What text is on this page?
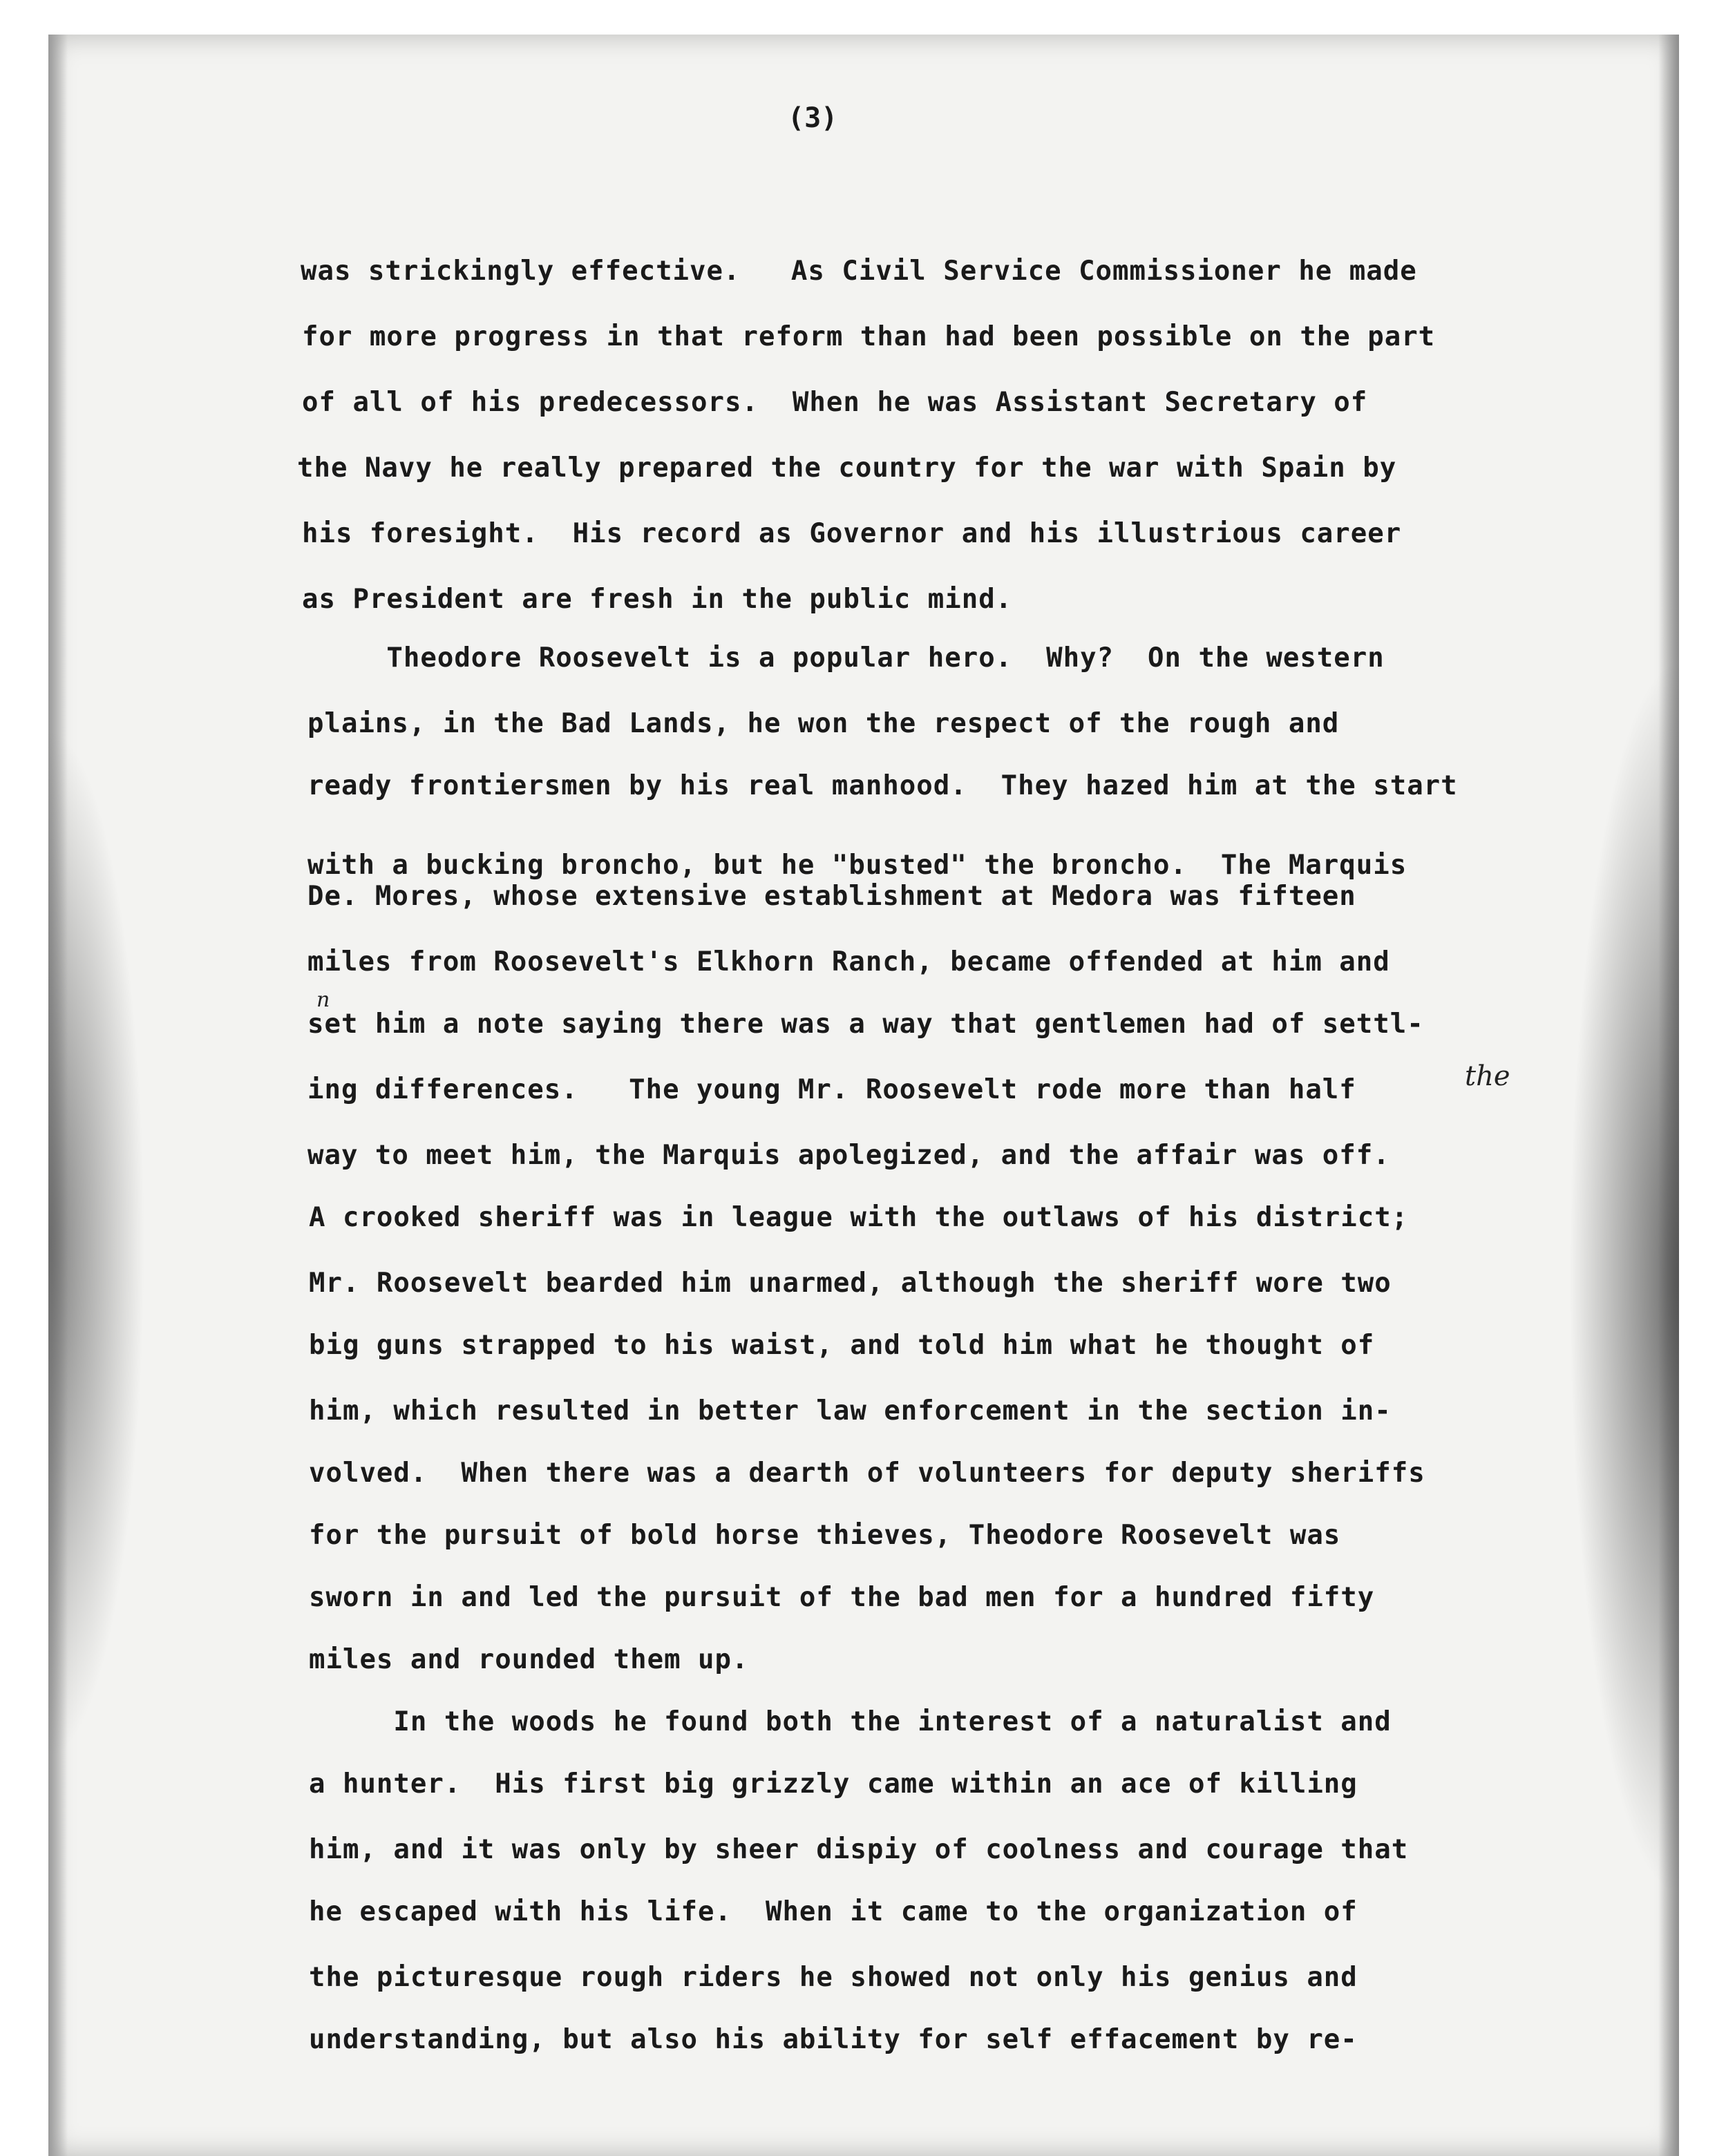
(3)
was strickingly effective.   As Civil Service Commissioner he made
for more progress in that reform than had been possible on the part
of all of his predecessors.  When he was Assistant Secretary of
the Navy he really prepared the country for the war with Spain by
his foresight.  His record as Governor and his illustrious career
as President are fresh in the public mind.
Theodore Roosevelt is a popular hero.  Why?  On the western
plains, in the Bad Lands, he won the respect of the rough and
ready frontiersmen by his real manhood.  They hazed him at the start
with a bucking broncho, but he "busted" the broncho.  The Marquis
De. Mores, whose extensive establishment at Medora was fifteen
miles from Roosevelt's Elkhorn Ranch, became offended at him and
set him a note saying there was a way that gentlemen had of settl-
ing differences.   The young Mr. Roosevelt rode more than half
way to meet him, the Marquis apolegized, and the affair was off.
A crooked sheriff was in league with the outlaws of his district;
Mr. Roosevelt bearded him unarmed, although the sheriff wore two
big guns strapped to his waist, and told him what he thought of
him, which resulted in better law enforcement in the section in-
volved.  When there was a dearth of volunteers for deputy sheriffs
for the pursuit of bold horse thieves, Theodore Roosevelt was
sworn in and led the pursuit of the bad men for a hundred fifty
miles and rounded them up.
In the woods he found both the interest of a naturalist and
a hunter.  His first big grizzly came within an ace of killing
him, and it was only by sheer dispiy of coolness and courage that
he escaped with his life.  When it came to the organization of
the picturesque rough riders he showed not only his genius and
understanding, but also his ability for self effacement by re-
n
the
